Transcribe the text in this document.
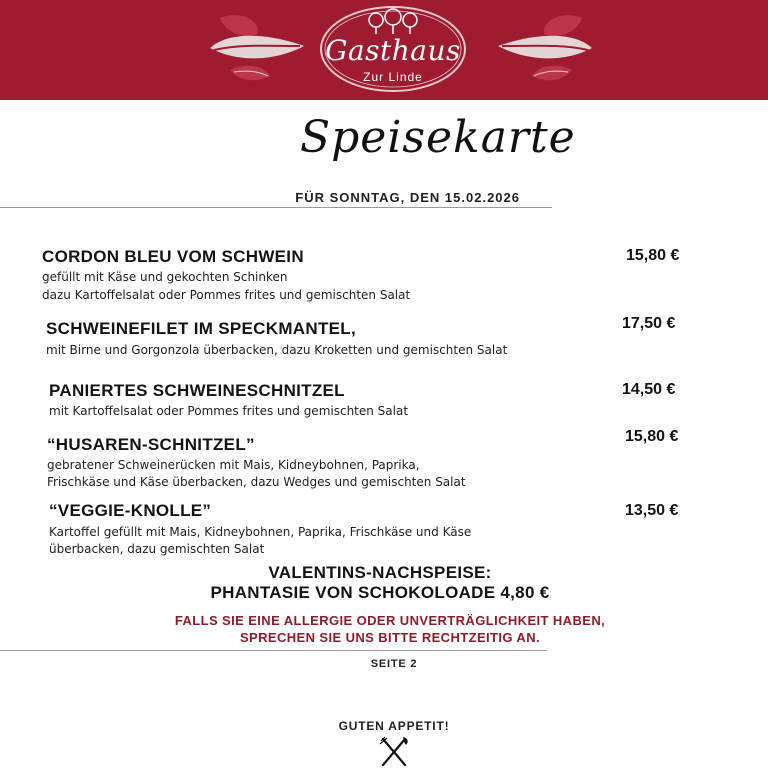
Gasthaus
Zur Linde
Speisekarte
FÜR SONNTAG, DEN 15.02.2026
CORDON BLEU VOM SCHWEIN
gefüllt mit Käse und gekochten Schinken
dazu Kartoffelsalat oder Pommes frites und gemischten Salat
15,80 €
SCHWEINEFILET IM SPECKMANTEL,
mit Birne und Gorgonzola überbacken, dazu Kroketten und gemischten Salat
17,50 €
PANIERTES SCHWEINESCHNITZEL
mit Kartoffelsalat oder Pommes frites und gemischten Salat
14,50 €
“HUSAREN-SCHNITZEL”
gebratener Schweinerücken mit Mais, Kidneybohnen, Paprika,
Frischkäse und Käse überbacken, dazu Wedges und gemischten Salat
15,80 €
“VEGGIE-KNOLLE”
Kartoffel gefüllt mit Mais, Kidneybohnen, Paprika, Frischkäse und Käse
überbacken, dazu gemischten Salat
13,50 €
VALENTINS-NACHSPEISE:
PHANTASIE VON SCHOKOLOADE 4,80 €
FALLS SIE EINE ALLERGIE ODER UNVERTRÄGLICHKEIT HABEN,
SPRECHEN SIE UNS BITTE RECHTZEITIG AN.
SEITE 2
GUTEN APPETIT!
